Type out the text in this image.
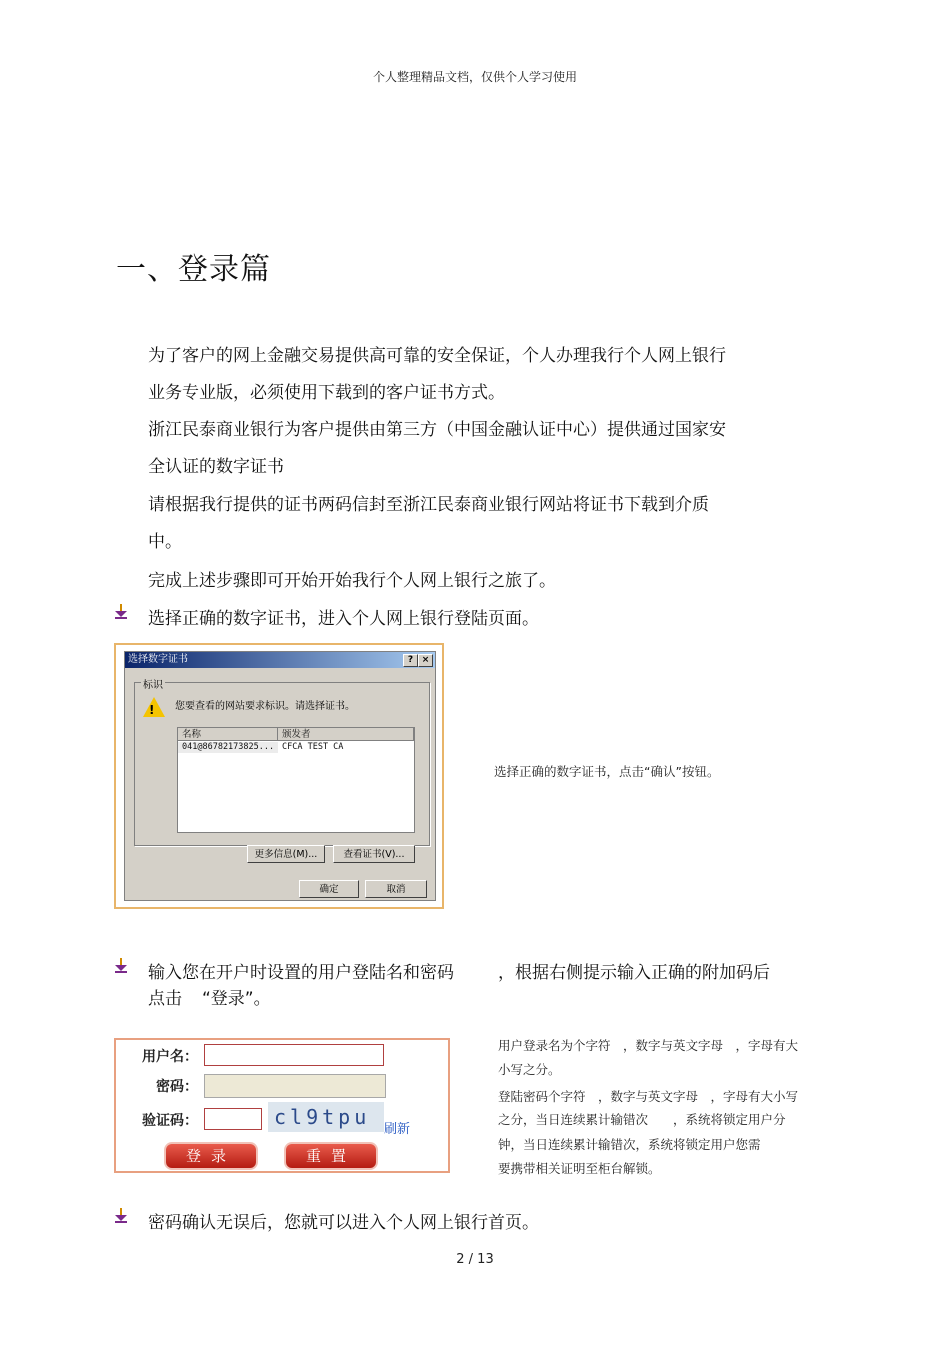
个人整理精品文档，仅供个人学习使用
一、登录篇
为了客户的网上金融交易提供高可靠的安全保证，个人办理我行个人网上银行
业务专业版，必须使用下载到的客户证书方式。
浙江民泰商业银行为客户提供由第三方（中国金融认证中心）提供通过国家安
全认证的数字证书
请根据我行提供的证书两码信封至浙江民泰商业银行网站将证书下载到介质
中。
完成上述步骤即可开始开始我行个人网上银行之旅了。
选择正确的数字证书，进入个人网上银行登陆页面。
选择数字证书	? ×
标识
! 您要查看的网站要求标识。请选择证书。
名称	颁发者
041@86782173825... CFCA TEST CA
更多信息(M)...	查看证书(V)...
确定	取消
选择正确的数字证书，点击“确认”按钮。
输入您在开户时设置的用户登陆名和密码	，根据右侧提示输入正确的附加码后
点击 “登录”。
用户名：
密码：
验证码：	cl9tpu
刷新
登录	重置
用户登录名为个字符　，数字与英文字母　，字母有大
小写之分。
登陆密码个字符　，数字与英文字母　，字母有大小写
之分，当日连续累计输错次　　，系统将锁定用户分
钟，当日连续累计输错次，系统将锁定用户您需
要携带相关证明至柜台解锁。
密码确认无误后，您就可以进入个人网上银行首页。
2 / 13
